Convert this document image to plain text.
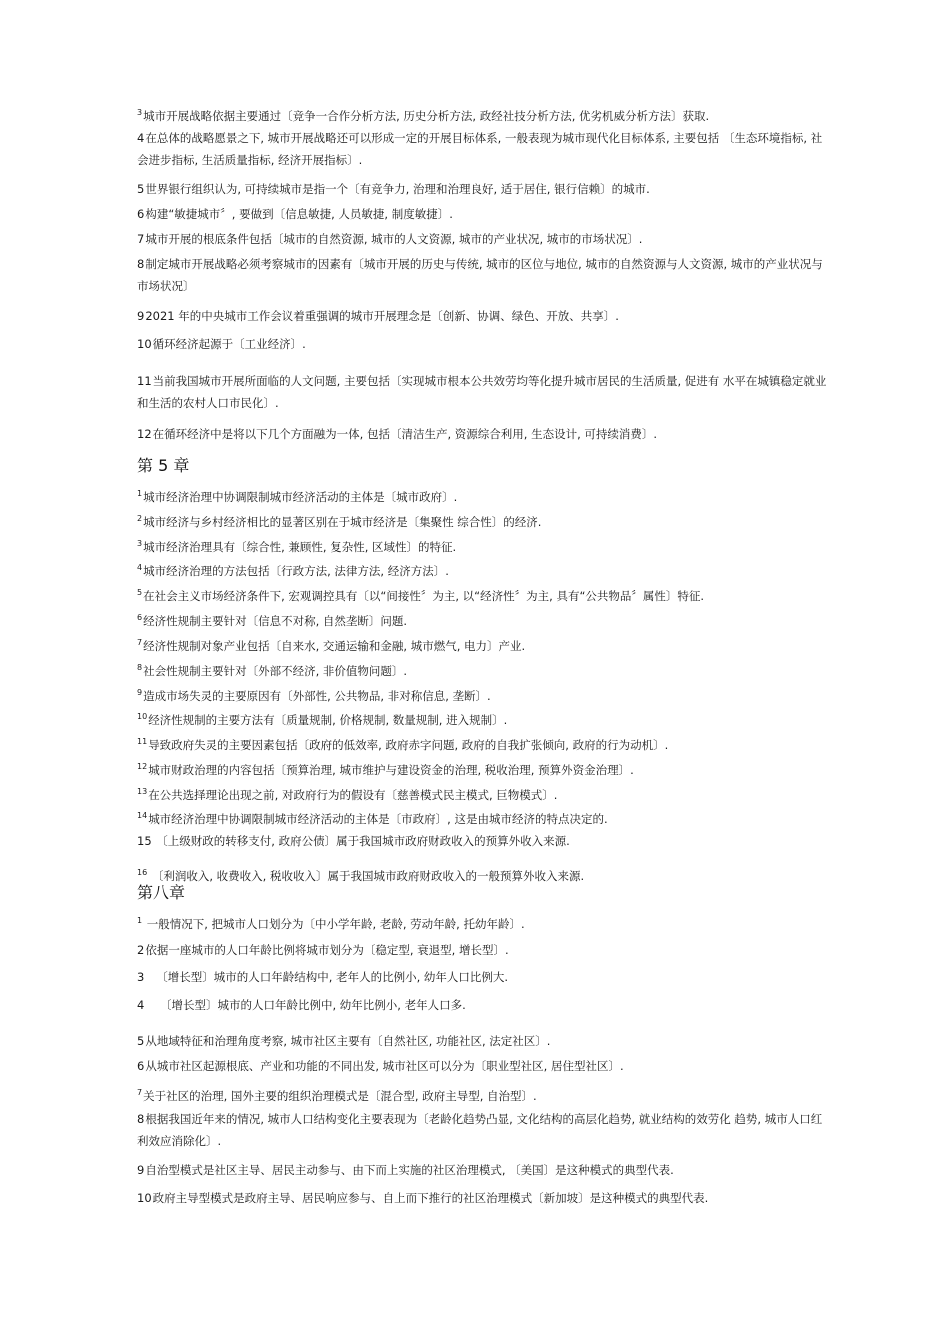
$^3$城市开展战略依据主要通过〔竞争一合作分析方法, 历史分析方法, 政经社技分析方法, 优劣机威分析方法〕获取.
4在总体的战略愿景之下, 城市开展战略还可以形成一定的开展目标体系, 一般表现为城市现代化目标体系, 主要包括 〔生态环境指标, 社会进步指标, 生活质量指标, 经济开展指标〕.
5世界银行组织认为, 可持续城市是指一个〔有竞争力, 治理和治理良好, 适于居住, 银行信赖〕的城市.
6构建“敏捷城市〞, 要做到〔信息敏捷, 人员敏捷, 制度敏捷〕.
7城市开展的根底条件包括〔城市的自然资源, 城市的人文资源, 城市的产业状况, 城市的市场状况〕.
8制定城市开展战略必须考察城市的因素有〔城市开展的历史与传统, 城市的区位与地位, 城市的自然资源与人文资源, 城市的产业状况与市场状况〕
92021 年的中央城市工作会议着重强调的城市开展理念是〔创新、协调、绿色、开放、共享〕.
10循环经济起源于〔工业经济〕.
11当前我国城市开展所面临的人文问题, 主要包括〔实现城市根本公共效劳均等化提升城市居民的生活质量, 促进有 水平在城镇稳定就业和生活的农村人口市民化〕.
12在循环经济中是将以下几个方面融为一体, 包括〔清洁生产, 资源综合利用, 生态设计, 可持续消费〕.
第 5 章
$^1$城市经济治理中协调限制城市经济活动的主体是〔城市政府〕.
$^2$城市经济与乡村经济相比的显著区别在于城市经济是〔集聚性 综合性〕的经济.
$^3$城市经济治理具有〔综合性, 兼顾性, 复杂性, 区域性〕的特征.
$^4$城市经济治理的方法包括〔行政方法, 法律方法, 经济方法〕.
$^5$在社会主义市场经济条件下, 宏观调控具有〔以“间接性〞为主, 以“经济性〞为主, 具有“公共物品〞属性〕特征.
$^6$经济性规制主要针对〔信息不对称, 自然垄断〕问题.
$^7$经济性规制对象产业包括〔自来水, 交通运输和金融, 城市燃气, 电力〕产业.
$^8$社会性规制主要针对〔外部不经济, 非价值物问题〕.
$^9$造成市场失灵的主要原因有〔外部性, 公共物品, 非对称信息, 垄断〕.
$^{10}$经济性规制的主要方法有〔质量规制, 价格规制, 数量规制, 进入规制〕.
$^{11}$导致政府失灵的主要因素包括〔政府的低效率, 政府赤字问题, 政府的自我扩张倾向, 政府的行为动机〕.
$^{12}$城市财政治理的内容包括〔预算治理, 城市维护与建设资金的治理, 税收治理, 预算外资金治理〕.
$^{13}$在公共选择理论出现之前, 对政府行为的假设有〔慈善模式民主模式, 巨物模式〕.
$^{14}$城市经济治理中协调限制城市经济活动的主体是〔市政府〕, 这是由城市经济的特点决定的.
15 〔上级财政的转移支付, 政府公债〕属于我国城市政府财政收入的预算外收入来源.
$^{16}$ 〔利润收入, 收费收入, 税收收入〕属于我国城市政府财政收入的一般预算外收入来源.
第八章
$^1$ 一般情况下, 把城市人口划分为〔中小学年龄, 老龄, 劳动年龄, 托幼年龄〕.
2依据一座城市的人口年龄比例将城市划分为〔稳定型, 衰退型, 增长型〕.
3 〔增长型〕城市的人口年龄结构中, 老年人的比例小, 幼年人口比例大.
4 〔增长型〕城市的人口年龄比例中, 幼年比例小, 老年人口多.
5从地域特征和治理角度考察, 城市社区主要有〔自然社区, 功能社区, 法定社区〕.
6从城市社区起源根底、产业和功能的不同出发, 城市社区可以分为〔职业型社区, 居住型社区〕.
$^7$关于社区的治理, 国外主要的组织治理模式是〔混合型, 政府主导型, 自治型〕.
8根据我国近年来的情况, 城市人口结构变化主要表现为〔老龄化趋势凸显, 文化结构的高层化趋势, 就业结构的效劳化 趋势, 城市人口红利效应消除化〕.
9自治型模式是社区主导、居民主动参与、由下而上实施的社区治理模式, 〔美国〕是这种模式的典型代表.
10政府主导型模式是政府主导、居民响应参与、自上而下推行的社区治理模式〔新加坡〕是这种模式的典型代表.
